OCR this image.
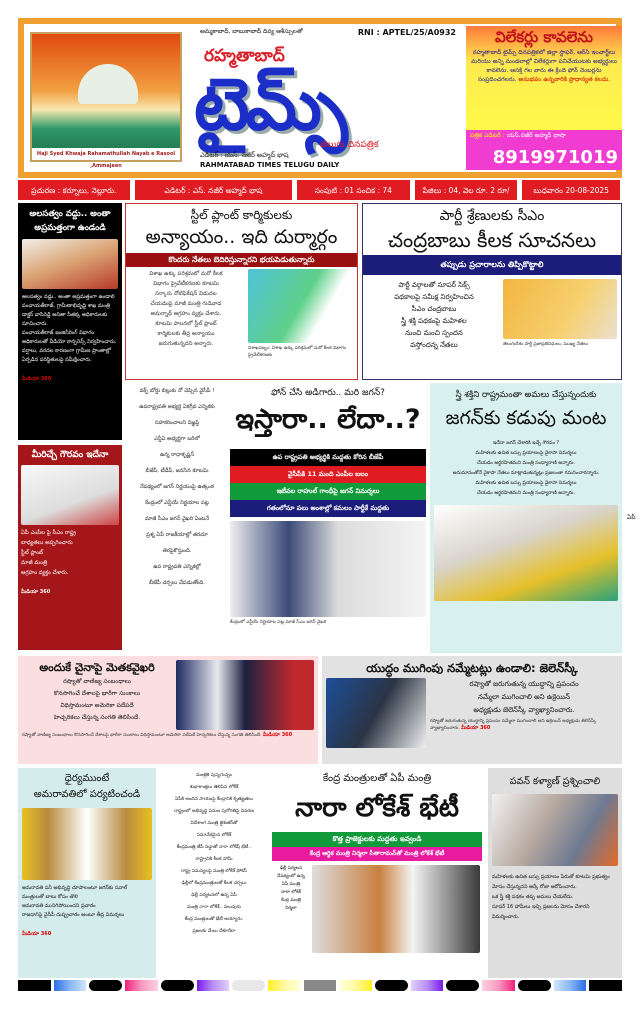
Haji Syed Khwaja Rahamathullah Nayab e Rasool ,Ammajeen
అమ్మకాబాద్, బాబుకాబాద్ దివ్య ఆశీస్సులతో	RNI : APTEL/25/A0932
రహ్మతాబాద్
టైమ్స్
తెలుగు దినపత్రిక
ఎడిటర్ : యస్. నజీర్ అహ్మద్ భాష
RAHMATABAD TIMES TELUGU DAILY
విలేకర్లు కావలెను
రహ్మతాబాద్ టైమ్స్ దినపత్రికలో జిల్లా స్టాఫర్, ఆర్‌సి ఇంచార్జ్‌లు మరియు అన్ని మండలాల్లో విలేకర్లుగా పనిచేయుటకు అభ్యర్థులు కావలెను. ఆసక్తి గల వారు ఈ క్రింది ఫోన్ నెంబర్లను సంప్రదించగలరు. అనుభవం ఉన్నవారికి ప్రాధాన్యత కలదు.
పత్రిక ఎడిటర్ : యస్.నజీర్ అహ్మద్ భాషా
8919971019
ప్రచురణ : కర్నూలు, నెల్లూరు.	ఎడిటర్ : ఎస్. నజీర్ అహ్మద్ భాష	సంపుటి : 01 సంచిక : 74	పేజిలు : 04, వెల రూ. 2 రూ/	బుధవారం 20-08-2025
అలసత్వం వద్దు.. అంతా అప్రమత్తంగా ఉండండి

అలసత్వం వద్దు.. అంతా అప్రమత్తంగా ఉండాలి పంచాయతీరాజ్, గ్రామీణాభివృద్ధి శాఖ మంత్రి డాక్టర్ వాసిరెడ్డి అనితా సీతక్క అధికారులకు సూచించారు.

పంచాయతీరాజ్ ఇంజినీరింగ్ విభాగం అధికారులతో వీడియో కాన్ఫరెన్స్ నిర్వహించారు.

వర్షాలు, వరదల కారణంగా గ్రామీణ ప్రాంతాల్లో ఏర్పడిన పరిస్థితులపై సమీక్షించారు.

మీడియా 360
స్టీల్ ప్లాంట్ కార్మికులకు
అన్యాయం.. ఇది దుర్మార్గం
కొందరు నేతలు బెదిరిస్తున్నారని భయపెడుతున్నారు
విశాఖ ఉక్కు పరిశ్రమలో మరో కీలక
విభాగం ప్రైవేటీకరణకు కూటమి
సర్కారు నోటిఫికేషన్ విడుదల
చేయడంపై మాజీ మంత్రి గుడివాడ
అమర్నాథ్ ఆగ్రహం వ్యక్తం చేశారు.
కూటమి పాలనలో స్టీల్ ప్లాంట్
కార్మికులకు తీవ్ర అన్యాయం
జరుగుతున్నదని అన్నారు.
విశాఖపట్నం: విశాఖ ఉక్కు పరిశ్రమలో మరో కీలక విభాగం ప్రైవేటీకరణకు
పార్టీ శ్రేణులకు సీఎం
చంద్రబాబు కీలక సూచనలు
తప్పుడు ప్రచారాలను తిప్పికొట్టాలి
పార్టీ వర్గాలతో సూపర్ సిక్స్
పథకాలపై సమీక్ష నిర్వహించిన
సీఎం చంద్రబాబు
స్త్రీ శక్తి పథకంపై మహిళల
నుంచి మంచి స్పందన
వస్తోందన్న నేతలు	తెలుగుదేశం పార్టీ ప్రజాప్రతినిధులు, ముఖ్య నేతలు
మీరిచ్చే గౌరవం ఇదేనా
ఏపీ ఎంపీల పై సీఎం రాష్ట్ర
బాధ్యతలు అప్పగించారు
స్టీల్ ప్లాంట్
మాజీ మంత్రి
ఆగ్రహం వ్యక్తం చేశారు.
మీడియా 360
వక్ఫ్ బోర్డు బిల్లుకు నో చెప్పిన వైసీపీ !
ఉపరాష్ట్రపతి అభ్యర్థి ఏకగ్రీవ ఎన్నికకు
సహకరించాలని విజ్ఞప్తి
ఎన్డీఏ అభ్యర్థిగా బరిలో
ఉన్న రాధాకృష్ణన్
బీజేపీ, టీడీపీ, జనసేన కూటమి
నేపథ్యంలో జగన్ నిర్ణయంపై ఉత్కంఠ
కేంద్రంలో ఎన్డీయే నిర్ణయాల పట్ల
మాజీ సీఎం జగన్ వైఖరి ఏంటనే
ప్రశ్న ఏపీ రాజకీయాల్లో తరచూ
తెరపైకొస్తుంది.
ఉప రాష్ట్రపతి ఎన్నికల్లో
బీజేపీ చర్చలు చేపడుతోంది.
ఫోన్ చేసి అడిగారు.. మరి జగన్?
ఇస్తారా.. లేదా..?
ఉప రాష్ట్రపతి అభ్యర్థికి మద్దతు కోరిన బీజేపీ
వైసీపీకి 11 మంది ఎంపీల బలం
ఇటీవల రాహుల్ గాంధీపై జగన్ విమర్శలు
గతంలోనూ పలు అంశాల్లో కమలం పార్టీకే మద్దతు
కేంద్రంలో ఎన్డీయే నిర్ణయాల పట్ల మాజీ సీఎం జగన్ వైఖరి
స్త్రీ శక్తిని రాష్ట్రమంతా అమలు చేస్తున్నందుకు
జగన్‌కు కడుపు మంట
ఇదేనా జగన్ చేశారికి ఇచ్చే గౌరవం ?
మహిళలకు ఉచిత బస్సు ప్రయాణంపై వైకాపా విమర్శలు
చేయడం అర్థరహితమని మంత్రి సంధ్యారాణి అన్నారు.
అనుమానంతోనే వైకాపా నేతలు మాట్లాడుతున్నట్లు ప్రజలంతా గమనించారన్నారు.
మహిళలకు ఉచిత బస్సు ప్రయాణంపై వైకాపా విమర్శలు
చేయడం అర్థరహితమని మంత్రి సంధ్యారాణి అన్నారు.
ఏపీ
అందుకే చైనాపై మెతకవైఖరి
రష్యాతో వాణిజ్య సంబంధాలు
కొనసాగించే దేశాలపై భారీగా సుంకాలు
విధిస్తామంటూ అమెరికా పదేపదే
హెచ్చరికలు చేస్తున్న సంగతి తెలిసిందే.
రష్యాతో వాణిజ్య సంబంధాలు కొనసాగించే దేశాలపై భారీగా సుంకాలు విధిస్తామంటూ అమెరికా పదేపదే హెచ్చరికలు చేస్తున్న సంగతి తెలిసిందే. మీడియా 360
యుద్ధం ముగింపు నమ్మేటట్లు ఉండాలి: జెలెన్‌స్కీ
రష్యాతో జరుగుతున్న యుద్ధాన్ని ప్రపంచం
నమ్మేలా ముగించాలి అని ఉక్రెయిన్
అధ్యక్షుడు జెలెన్‌స్కీ వ్యాఖ్యానించారు.
రష్యాతో జరుగుతున్న యుద్ధాన్ని ప్రపంచం నమ్మేలా ముగించాలి అని ఉక్రెయిన్ అధ్యక్షుడు జెలెన్‌స్కీ వ్యాఖ్యానించారు. మీడియా 360
ధైర్యముంటే
అమరావతిలో పర్యటించండి
అమరావతి పనీ అభివృద్ధి చూపాలంటూ జగన్‌కు సవాల్
మంత్రులతో బాటు కోసం తొలి
అమరావతి మునిగిపోయిందని ప్రచారం
రాజధానిపై వైసీపీ దుష్ప్రచారం అంటూ తీవ్ర విమర్శలు
మీడియా 360
మంత్రికి పుష్పగుచ్ఛం
శుభాకాంక్షలు తెలిపిన లోకేశ్
ఏపీకి అందిన సాయంపై కేంద్రానికి కృతజ్ఞతలు
రాష్ట్రంలో అభివృద్ధి పనుల పురోగతిపై వివరణ
విదేశాంగ మంత్రి జైశంకర్‌తో
సమావేశమైన లోకేశ్
కేంద్రమంత్రి జేపీ నడ్డాతో నారా లోకేష్ భేటీ..
రాష్ట్రానికి కీలక హామీ
రాష్ట్ర సమస్యలపై మంత్రి లోకేశ్ ఫోకస్
ఢిల్లీలో కేంద్రమంత్రులతో కీలక చర్చలు
ఢిల్లీ పర్యటనలో ఉన్న ఏపీ
మంత్రి నారా లోకేశ్.. పలువురు
కేంద్ర మంత్రులతో భేటీ అయ్యారు.
ప్రజలకు మేలు చేకూరేలా
కేంద్ర మంత్రులతో ఏపీ మంత్రి
నారా లోకేశ్ భేటీ
కొత్త ప్రాజెక్టులకు మద్దతు ఇవ్వండి
కేంద్ర ఆర్థిక మంత్రి నిర్మలా సీతారామన్‌తో మంత్రి లోకేశ్ భేటీ
ఢిల్లీ పర్యటన
నేపథ్యంలో ఉన్న
ఏపీ మంత్రి
నారా లోకేశ్
కేంద్ర మంత్రి
నిర్మలా
పవన్ కళ్యాణ్ ప్రశ్నించాలి
మహిళలకు ఉచిత బస్సు ప్రయాణం పేరుతో కూటమి ప్రభుత్వం మోసం చేస్తున్నదని ఆర్కే రోజా ఆరోపించారు.
ఒక స్త్రీ శక్తి పథకం తప్ప అమలు చేయలేదు.
సూపర్ 16 హామీలు ఇచ్చి ప్రజలను మోసం చేశారని విమర్శించారు.
